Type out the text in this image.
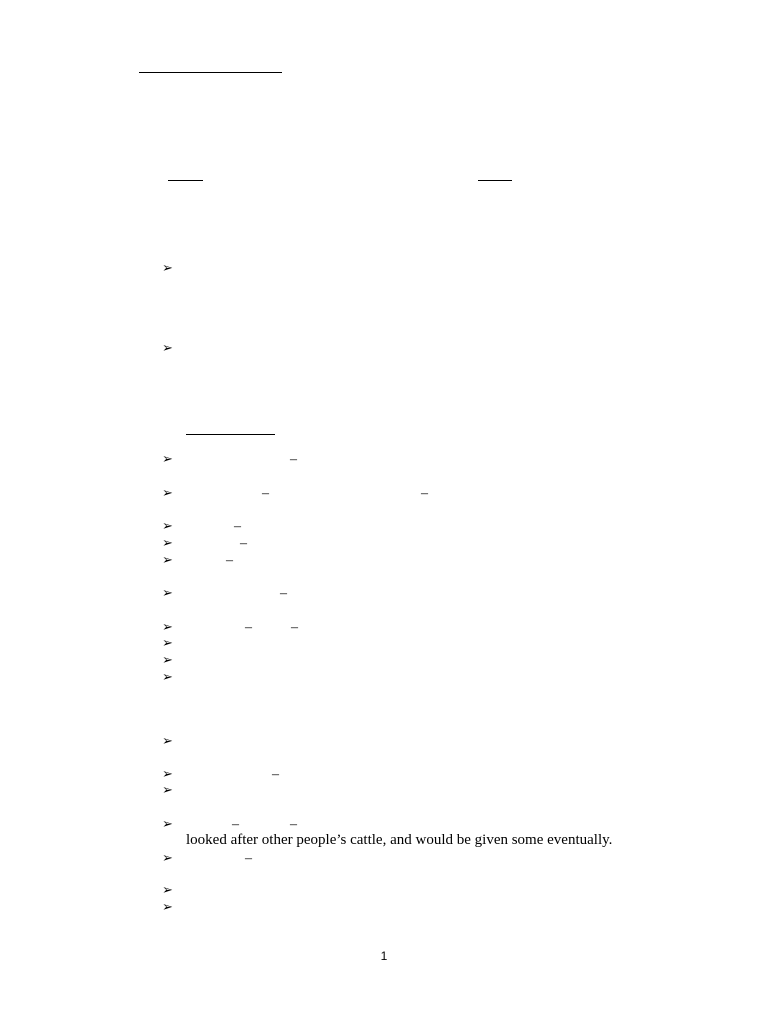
➢
➢
➢	–
➢	–	–
➢	–
➢	–
➢	–
➢	–
➢	–	–
➢
➢
➢
➢
➢	–
➢
➢	–	–
looked after other people’s cattle, and would be given some eventually.
➢	–
➢
➢
1
